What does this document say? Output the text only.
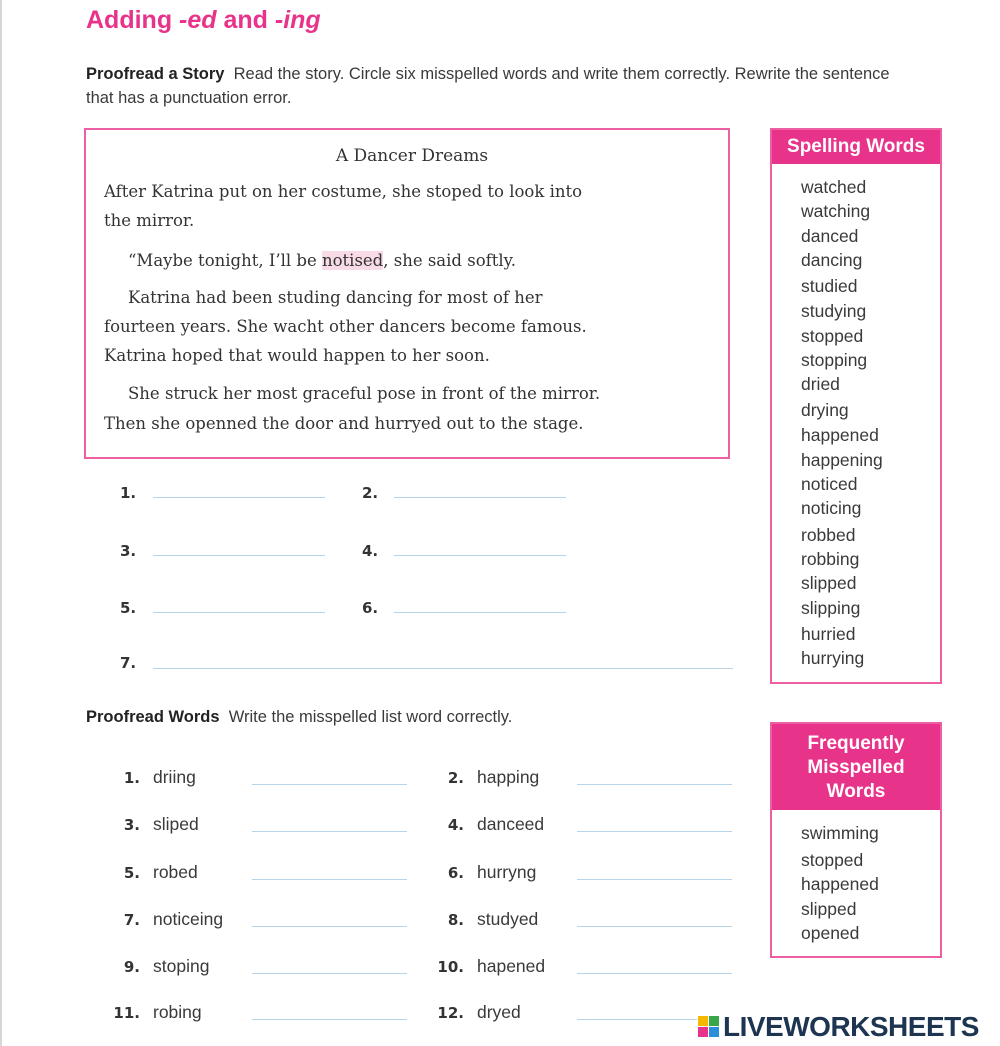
Adding -ed and -ing
Proofread a Story Read the story. Circle six misspelled words and write them correctly. Rewrite the sentence that has a punctuation error.
A Dancer Dreams
After Katrina put on her costume, she stoped to look into
the mirror.
“Maybe tonight, I’ll be notised, she said softly.
Katrina had been studing dancing for most of her
fourteen years. She wacht other dancers become famous.
Katrina hoped that would happen to her soon.
She struck her most graceful pose in front of the mirror.
Then she openned the door and hurryed out to the stage.
1.	2.
3.	4.
5.	6.
7.
Spelling Words
watched
watching
danced
dancing
studied
studying
stopped
stopping
dried
drying
happened
happening
noticed
noticing
robbed
robbing
slipped
slipping
hurried
hurrying
Proofread Words Write the misspelled list word correctly.
1. driing	2. happing
3. sliped	4. danceed
5. robed	6. hurryng
7. noticeing	8. studyed
9. stoping	10. hapened
11. robing	12. dryed
Frequently
Misspelled
Words
swimming
stopped
happened
slipped
opened
LIVEWORKSHEETS
